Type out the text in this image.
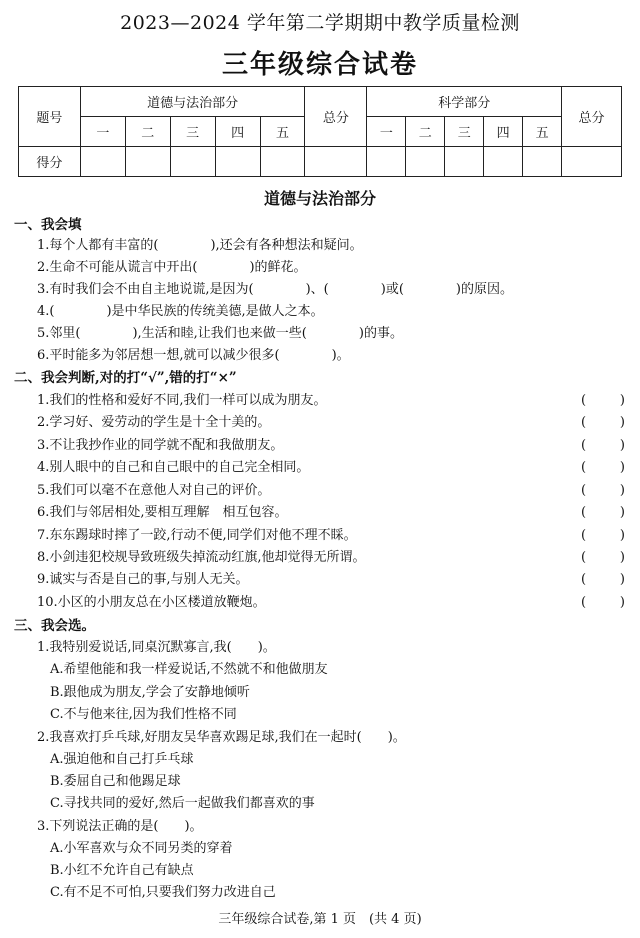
2023—2024 学年第二学期期中教学质量检测
三年级综合试卷
题号	道德与法治部分					总分	科学部分					总分
	一	二	三	四	五		一	二	三	四	五	
得分												
道德与法治部分
一、我会填
1.每个人都有丰富的(　　　　),还会有各种想法和疑问。
2.生命不可能从谎言中开出(　　　　)的鲜花。
3.有时我们会不由自主地说谎,是因为(　　　　)、(　　　　)或(　　　　)的原因。
4.(　　　　)是中华民族的传统美德,是做人之本。
5.邻里(　　　　),生活和睦,让我们也来做一些(　　　　)的事。
6.平时能多为邻居想一想,就可以减少很多(　　　　)。
二、我会判断,对的打“√”,错的打“×”
1.我们的性格和爱好不同,我们一样可以成为朋友。	(	)
2.学习好、爱劳动的学生是十全十美的。	(	)
3.不让我抄作业的同学就不配和我做朋友。	(	)
4.别人眼中的自己和自己眼中的自己完全相同。	(	)
5.我们可以毫不在意他人对自己的评价。	(	)
6.我们与邻居相处,要相互理解　相互包容。	(	)
7.东东踢球时摔了一跤,行动不便,同学们对他不理不睬。	(	)
8.小剑违犯校规导致班级失掉流动红旗,他却觉得无所谓。	(	)
9.诚实与否是自己的事,与别人无关。	(	)
10.小区的小朋友总在小区楼道放鞭炮。	(	)
三、我会选。
1.我特别爱说话,同桌沉默寡言,我(　　)。
A.希望他能和我一样爱说话,不然就不和他做朋友
B.跟他成为朋友,学会了安静地倾听
C.不与他来往,因为我们性格不同
2.我喜欢打乒乓球,好朋友吴华喜欢踢足球,我们在一起时(　　)。
A.强迫他和自己打乒乓球
B.委屈自己和他踢足球
C.寻找共同的爱好,然后一起做我们都喜欢的事
3.下列说法正确的是(　　)。
A.小军喜欢与众不同另类的穿着
B.小红不允许自己有缺点
C.有不足不可怕,只要我们努力改进自己
三年级综合试卷,第 1 页　(共 4 页)
